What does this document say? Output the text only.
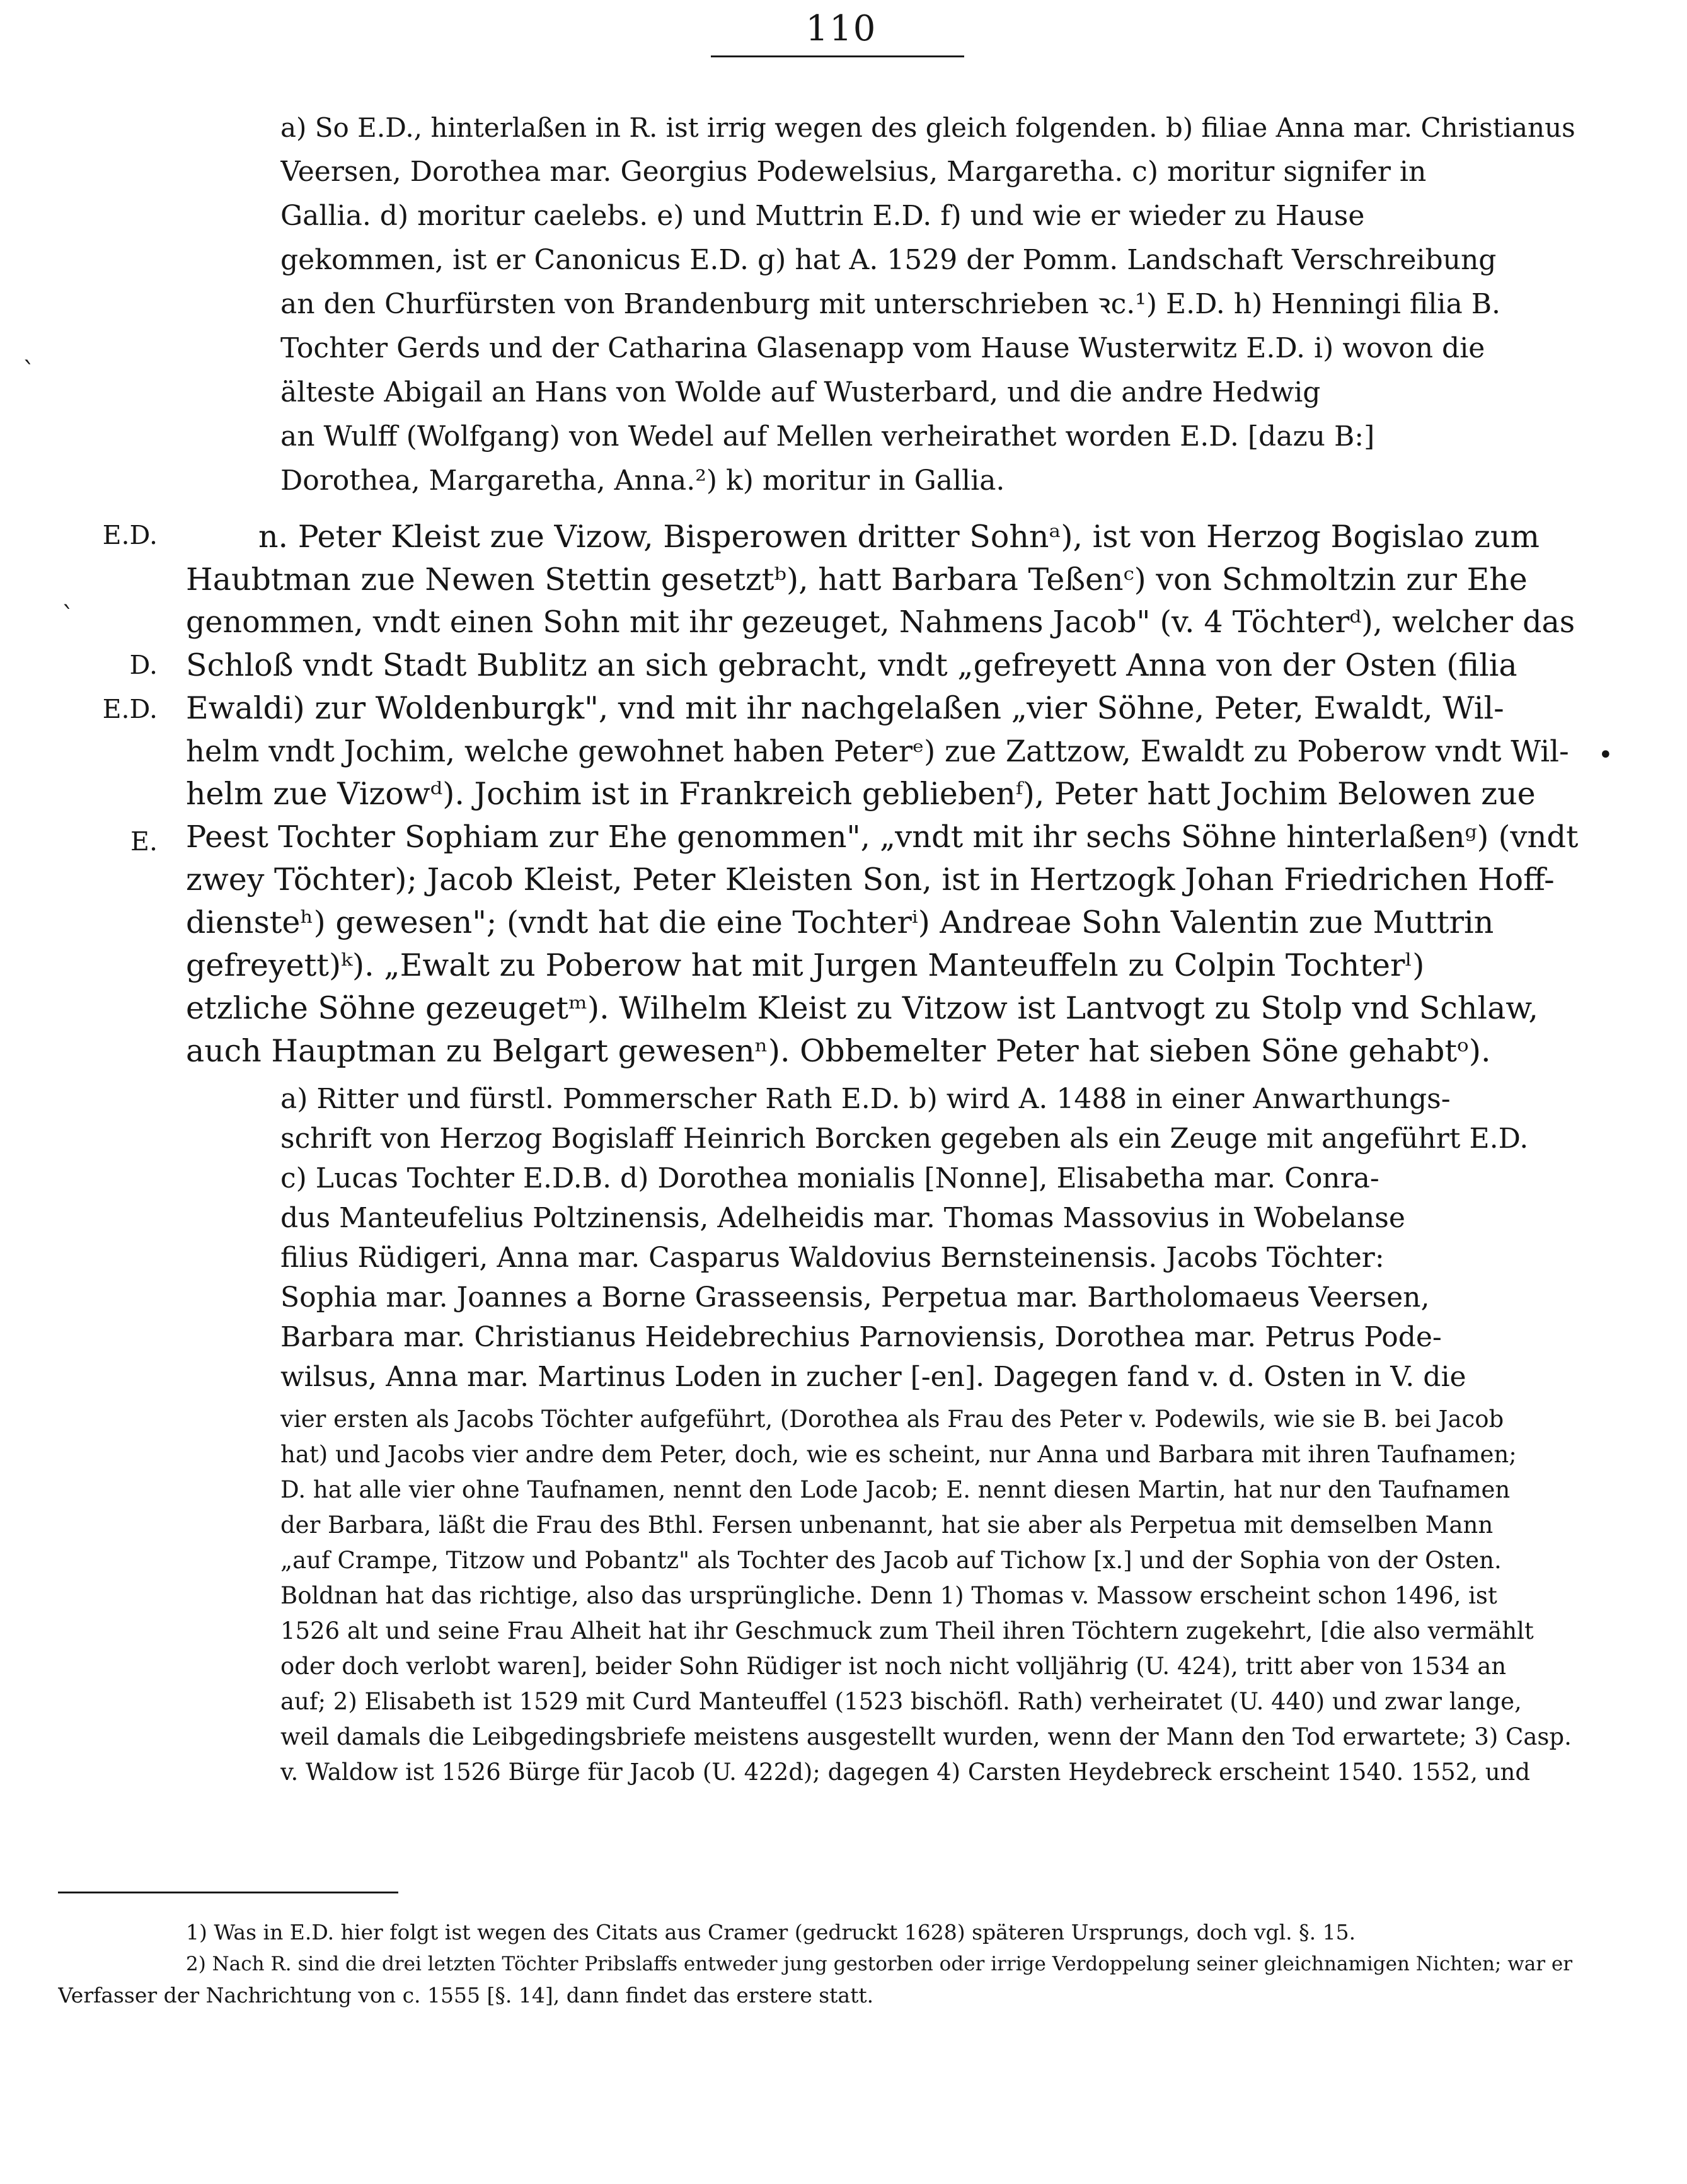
110
a) So E.D., hinterlaßen in R. ist irrig wegen des gleich folgenden. b) filiae Anna mar. Christianus
Veersen, Dorothea mar. Georgius Podewelsius, Margaretha. c) moritur signifer in
Gallia. d) moritur caelebs. e) und Muttrin E.D. f) und wie er wieder zu Hause
gekommen, ist er Canonicus E.D. g) hat A. 1529 der Pomm. Landschaft Verschreibung
an den Churfürsten von Brandenburg mit unterschrieben ꝛc.¹) E.D. h) Henningi filia B.
Tochter Gerds und der Catharina Glasenapp vom Hause Wusterwitz E.D. i) wovon die
älteste Abigail an Hans von Wolde auf Wusterbard, und die andre Hedwig
an Wulff (Wolfgang) von Wedel auf Mellen verheirathet worden E.D. [dazu B:]
Dorothea, Margaretha, Anna.²) k) moritur in Gallia.
ˋ
E.D.
D.
E.D.
E.
ˋ
•
n. Peter Kleist zue Vizow, Bisperowen dritter Sohnᵃ), ist von Herzog Bogislao zum
Haubtman zue Newen Stettin gesetztᵇ), hatt Barbara Teßenᶜ) von Schmoltzin zur Ehe
genommen, vndt einen Sohn mit ihr gezeuget, Nahmens Jacob" (v. 4 Töchterᵈ), welcher das
Schloß vndt Stadt Bublitz an sich gebracht, vndt „gefreyett Anna von der Osten (filia
Ewaldi) zur Woldenburgk", vnd mit ihr nachgelaßen „vier Söhne, Peter, Ewaldt, Wil-
helm vndt Jochim, welche gewohnet haben Peterᵉ) zue Zattzow, Ewaldt zu Poberow vndt Wil-
helm zue Vizowᵈ). Jochim ist in Frankreich gebliebenᶠ), Peter hatt Jochim Belowen zue
Peest Tochter Sophiam zur Ehe genommen", „vndt mit ihr sechs Söhne hinterlaßenᵍ) (vndt
zwey Töchter); Jacob Kleist, Peter Kleisten Son, ist in Hertzogk Johan Friedrichen Hoff-
diensteʰ) gewesen"; (vndt hat die eine Tochterⁱ) Andreae Sohn Valentin zue Muttrin
gefreyett)ᵏ). „Ewalt zu Poberow hat mit Jurgen Manteuffeln zu Colpin Tochterˡ)
etzliche Söhne gezeugetᵐ). Wilhelm Kleist zu Vitzow ist Lantvogt zu Stolp vnd Schlaw,
auch Hauptman zu Belgart gewesenⁿ). Obbemelter Peter hat sieben Söne gehabtᵒ).
a) Ritter und fürstl. Pommerscher Rath E.D. b) wird A. 1488 in einer Anwarthungs-
schrift von Herzog Bogislaff Heinrich Borcken gegeben als ein Zeuge mit angeführt E.D.
c) Lucas Tochter E.D.B. d) Dorothea monialis [Nonne], Elisabetha mar. Conra-
dus Manteufelius Poltzinensis, Adelheidis mar. Thomas Massovius in Wobelanse
filius Rüdigeri, Anna mar. Casparus Waldovius Bernsteinensis. Jacobs Töchter:
Sophia mar. Joannes a Borne Grasseensis, Perpetua mar. Bartholomaeus Veersen,
Barbara mar. Christianus Heidebrechius Parnoviensis, Dorothea mar. Petrus Pode-
wilsus, Anna mar. Martinus Loden in zucher [-en]. Dagegen fand v. d. Osten in V. die
vier ersten als Jacobs Töchter aufgeführt, (Dorothea als Frau des Peter v. Podewils, wie sie B. bei Jacob
hat) und Jacobs vier andre dem Peter, doch, wie es scheint, nur Anna und Barbara mit ihren Taufnamen;
D. hat alle vier ohne Taufnamen, nennt den Lode Jacob; E. nennt diesen Martin, hat nur den Taufnamen
der Barbara, läßt die Frau des Bthl. Fersen unbenannt, hat sie aber als Perpetua mit demselben Mann
„auf Crampe, Titzow und Pobantz" als Tochter des Jacob auf Tichow [x.] und der Sophia von der Osten.
Boldnan hat das richtige, also das ursprüngliche. Denn 1) Thomas v. Massow erscheint schon 1496, ist
1526 alt und seine Frau Alheit hat ihr Geschmuck zum Theil ihren Töchtern zugekehrt, [die also vermählt
oder doch verlobt waren], beider Sohn Rüdiger ist noch nicht volljährig (U. 424), tritt aber von 1534 an
auf; 2) Elisabeth ist 1529 mit Curd Manteuffel (1523 bischöfl. Rath) verheiratet (U. 440) und zwar lange,
weil damals die Leibgedingsbriefe meistens ausgestellt wurden, wenn der Mann den Tod erwartete; 3) Casp.
v. Waldow ist 1526 Bürge für Jacob (U. 422d); dagegen 4) Carsten Heydebreck erscheint 1540. 1552, und
1) Was in E.D. hier folgt ist wegen des Citats aus Cramer (gedruckt 1628) späteren Ursprungs, doch vgl. §. 15.
2) Nach R. sind die drei letzten Töchter Pribslaffs entweder jung gestorben oder irrige Verdoppelung seiner gleichnamigen Nichten; war er
Verfasser der Nachrichtung von c. 1555 [§. 14], dann findet das erstere statt.
